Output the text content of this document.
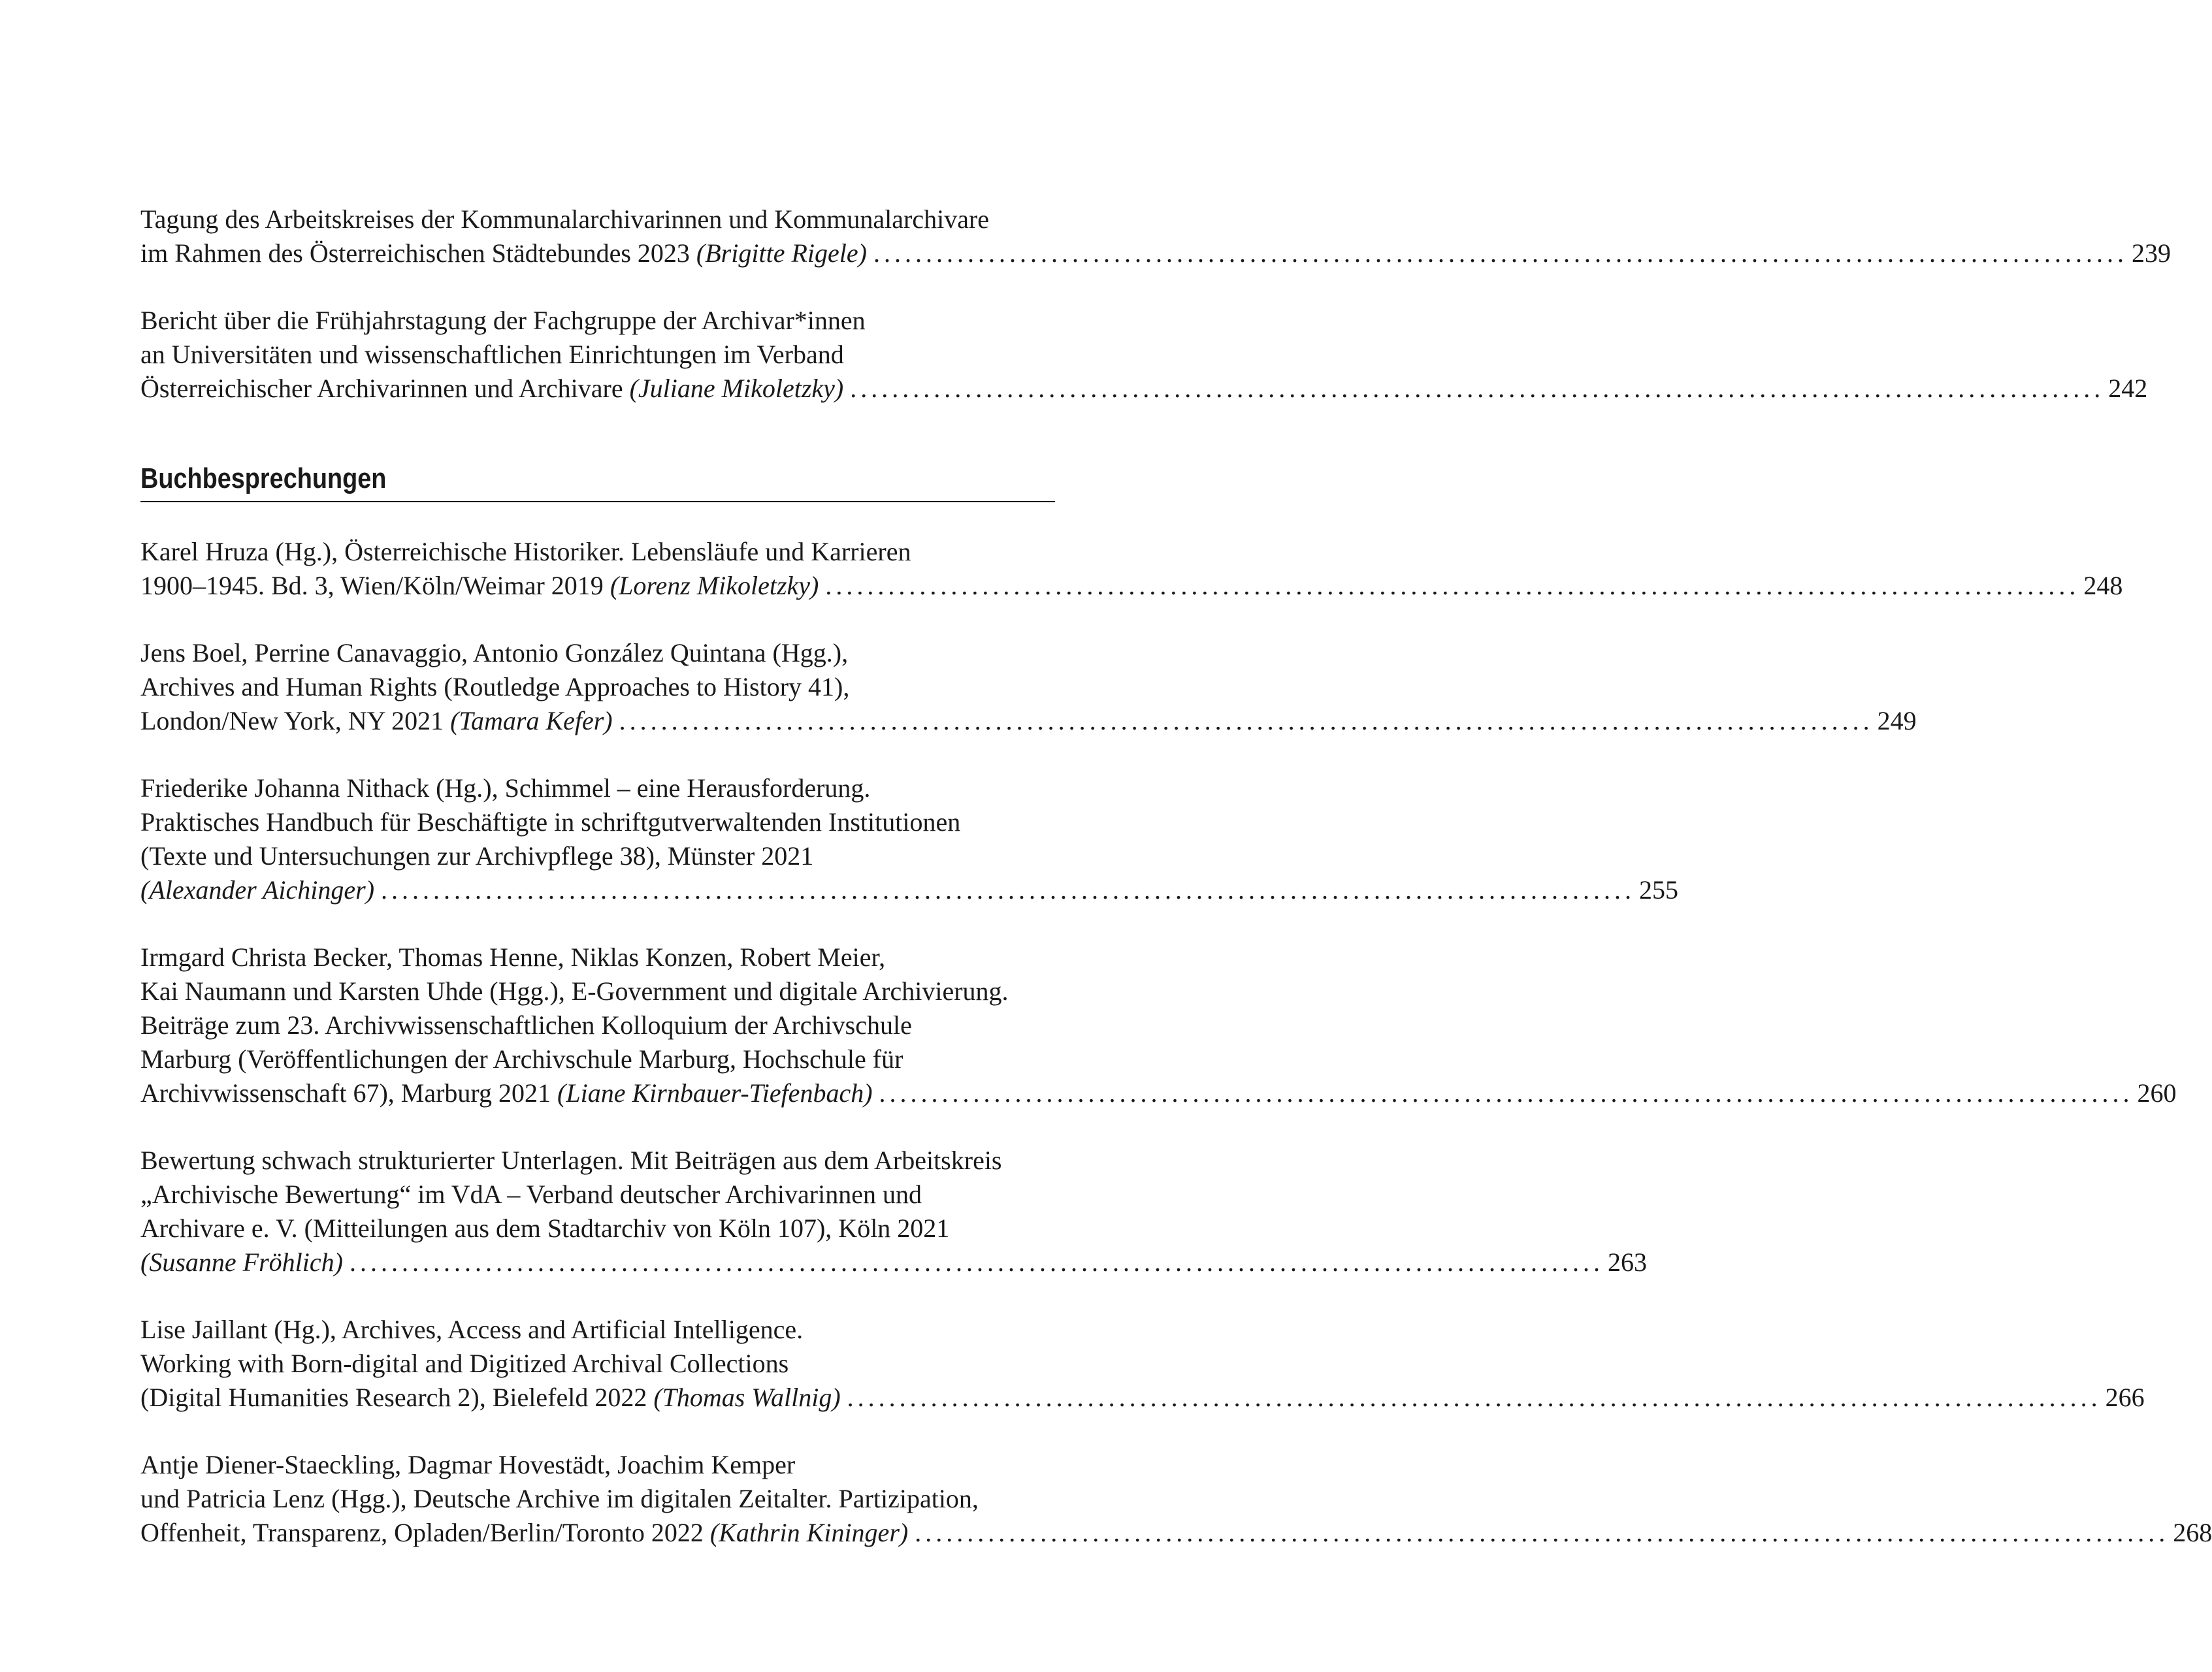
Tagung des Arbeitskreises der Kommunalarchivarinnen und Kommunalarchivare
im Rahmen des Österreichischen Städtebundes 2023 (Brigitte Rigele) ........................................................................................................................ 239
Bericht über die Frühjahrstagung der Fachgruppe der Archivar*innen
an Universitäten und wissenschaftlichen Einrichtungen im Verband
Österreichischer Archivarinnen und Archivare (Juliane Mikoletzky) ........................................................................................................................ 242
Buchbesprechungen
Karel Hruza (Hg.), Österreichische Historiker. Lebensläufe und Karrieren
1900–1945. Bd. 3, Wien/Köln/Weimar 2019 (Lorenz Mikoletzky) ........................................................................................................................ 248
Jens Boel, Perrine Canavaggio, Antonio González Quintana (Hgg.),
Archives and Human Rights (Routledge Approaches to History 41),
London/New York, NY 2021 (Tamara Kefer) ........................................................................................................................ 249
Friederike Johanna Nithack (Hg.), Schimmel – eine Herausforderung.
Praktisches Handbuch für Beschäftigte in schriftgutverwaltenden Institutionen
(Texte und Untersuchungen zur Archivpflege 38), Münster 2021
(Alexander Aichinger) ........................................................................................................................ 255
Irmgard Christa Becker, Thomas Henne, Niklas Konzen, Robert Meier,
Kai Naumann und Karsten Uhde (Hgg.), E-Government und digitale Archivierung.
Beiträge zum 23. Archivwissenschaftlichen Kolloquium der Archivschule
Marburg (Veröffentlichungen der Archivschule Marburg, Hochschule für
Archivwissenschaft 67), Marburg 2021 (Liane Kirnbauer-Tiefenbach) ........................................................................................................................ 260
Bewertung schwach strukturierter Unterlagen. Mit Beiträgen aus dem Arbeitskreis
„Archivische Bewertung“ im VdA – Verband deutscher Archivarinnen und
Archivare e. V. (Mitteilungen aus dem Stadtarchiv von Köln 107), Köln 2021
(Susanne Fröhlich) ........................................................................................................................ 263
Lise Jaillant (Hg.), Archives, Access and Artificial Intelligence.
Working with Born-digital and Digitized Archival Collections
(Digital Humanities Research 2), Bielefeld 2022 (Thomas Wallnig) ........................................................................................................................ 266
Antje Diener-Staeckling, Dagmar Hovestädt, Joachim Kemper
und Patricia Lenz (Hgg.), Deutsche Archive im digitalen Zeitalter. Partizipation,
Offenheit, Transparenz, Opladen/Berlin/Toronto 2022 (Kathrin Kininger) ........................................................................................................................ 268
